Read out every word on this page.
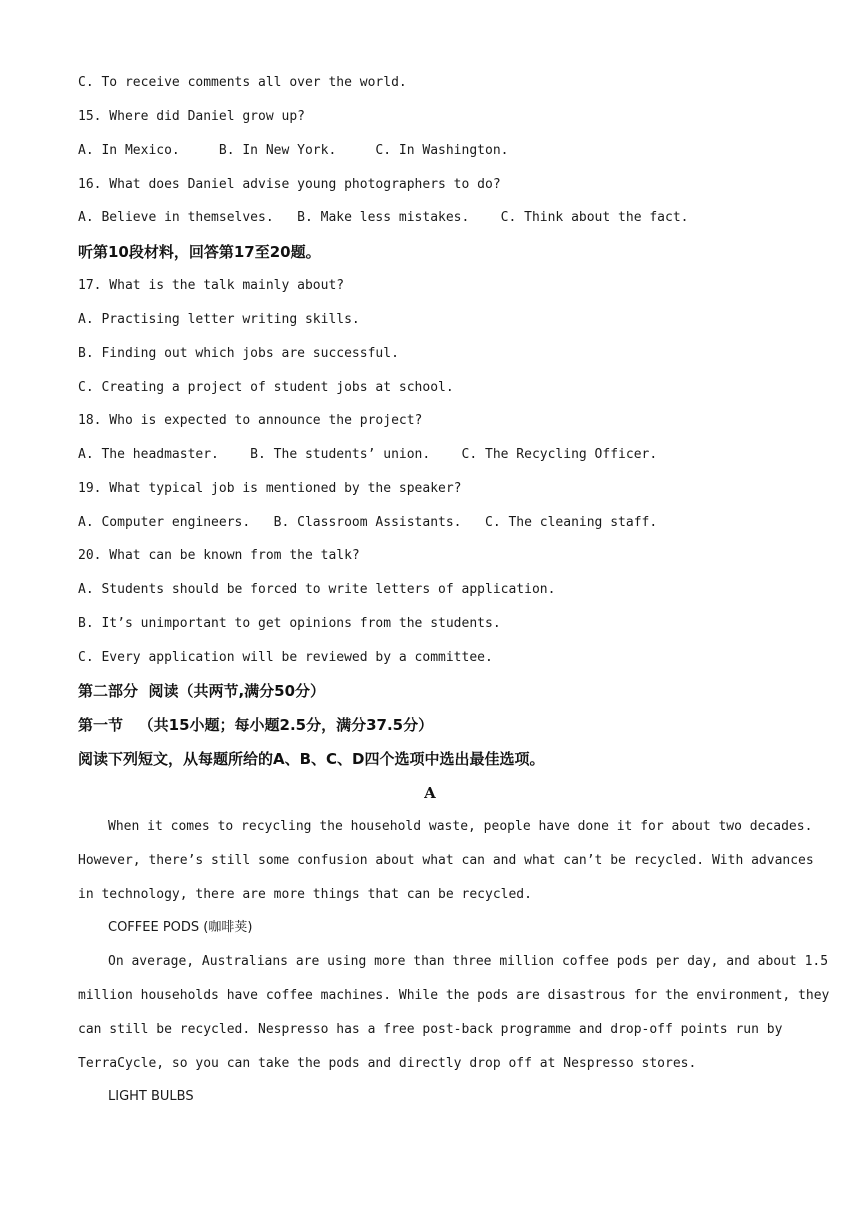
C. To receive comments all over the world.
15. Where did Daniel grow up?
A. In Mexico.     B. In New York.     C. In Washington.
16. What does Daniel advise young photographers to do?
A. Believe in themselves.   B. Make less mistakes.    C. Think about the fact.
听第10段材料，回答第17至20题。
17. What is the talk mainly about?
A. Practising letter writing skills.
B. Finding out which jobs are successful.
C. Creating a project of student jobs at school.
18. Who is expected to announce the project?
A. The headmaster.    B. The students’ union.    C. The Recycling Officer.
19. What typical job is mentioned by the speaker?
A. Computer engineers.   B. Classroom Assistants.   C. The cleaning staff.
20. What can be known from the talk?
A. Students should be forced to write letters of application.
B. It’s unimportant to get opinions from the students.
C. Every application will be reviewed by a committee.
第二部分  阅读（共两节,满分50分）
第一节   （共15小题；每小题2.5分，满分37.5分）
阅读下列短文，从每题所给的A、B、C、D四个选项中选出最佳选项。
A
When it comes to recycling the household waste, people have done it for about two decades.
However, there’s still some confusion about what can and what can’t be recycled. With advances
in technology, there are more things that can be recycled.
COFFEE PODS (咖啡荚)
On average, Australians are using more than three million coffee pods per day, and about 1.5
million households have coffee machines. While the pods are disastrous for the environment, they
can still be recycled. Nespresso has a free post-back programme and drop-off points run by
TerraCycle, so you can take the pods and directly drop off at Nespresso stores.
LIGHT BULBS
